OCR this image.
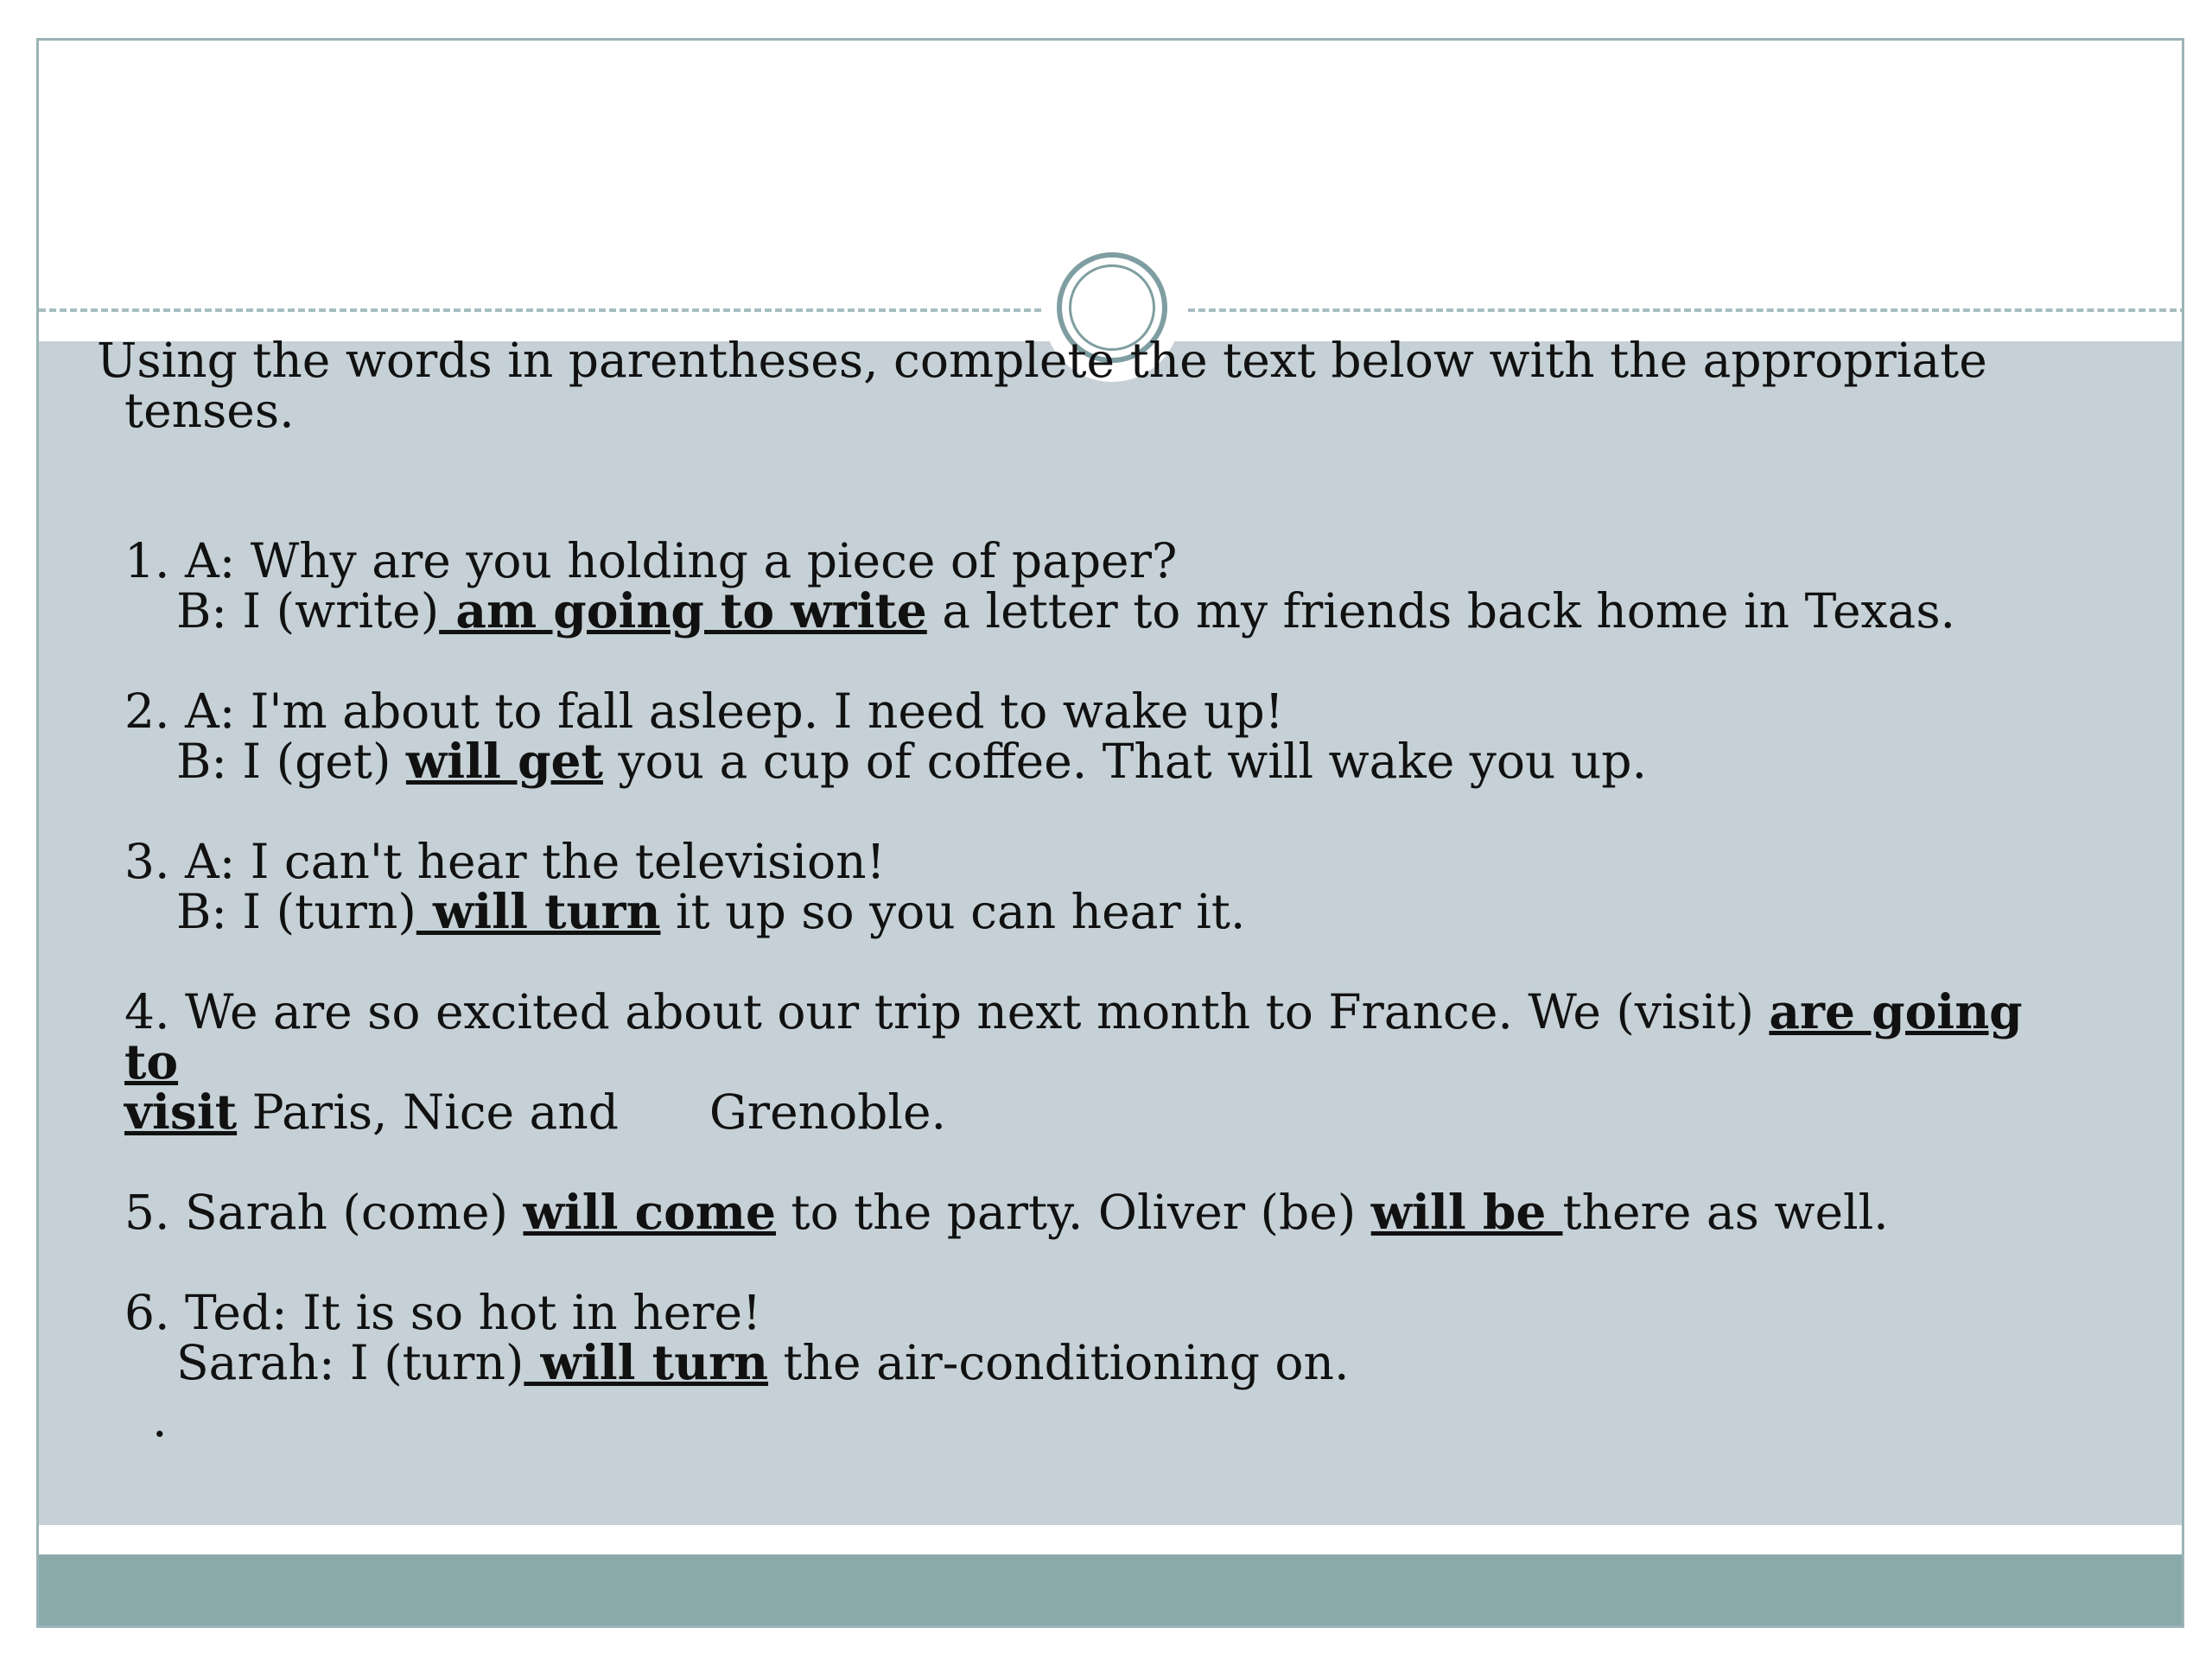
Using the words in parentheses, complete the text below with the appropriate
tenses.

1. A: Why are you holding a piece of paper?
B: I (write) am going to write a letter to my friends back home in Texas.
2. A: I'm about to fall asleep. I need to wake up!
B: I (get) will get you a cup of coffee. That will wake you up.
3. A: I can't hear the television!
B: I (turn) will turn it up so you can hear it.
4. We are so excited about our trip next month to France. We (visit) are going to
visit Paris, Nice and      Grenoble.
5. Sarah (come) will come to the party. Oliver (be) will be there as well.
6. Ted: It is so hot in here!
Sarah: I (turn) will turn the air-conditioning on.
.
